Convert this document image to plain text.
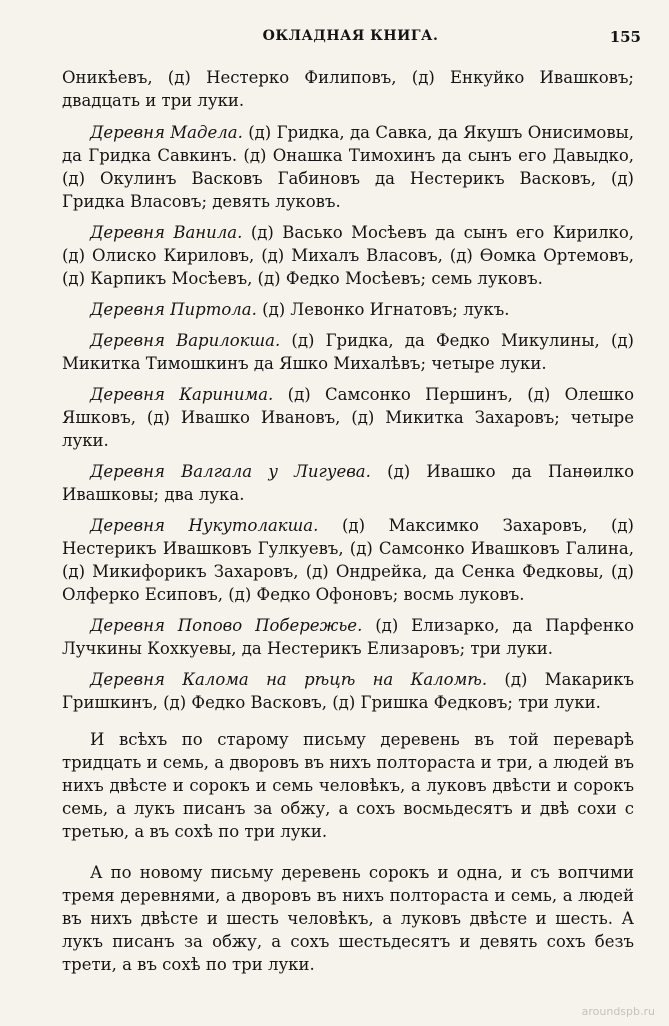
ОКЛАДНАЯ КНИГА.	155

Оникѣевъ, (д) Нестерко Филиповъ, (д) Енкуйко Ивашковъ; двадцать и три луки.

Деревня Мадела. (д) Гридка, да Савка, да Якушъ Онисимовы, да Гридка Савкинъ. (д) Онашка Тимохинъ да сынъ его Давыдко, (д) Окулинъ Васковъ Габиновъ да Нестерикъ Васковъ, (д) Гридка Власовъ; девять луковъ.

Деревня Ванила. (д) Васько Мосѣевъ да сынъ его Кирилко, (д) Олиско Кириловъ, (д) Михалъ Власовъ, (д) Ѳомка Ортемовъ, (д) Карпикъ Мосѣевъ, (д) Федко Мосѣевъ; семь луковъ.

Деревня Пиртола. (д) Левонко Игнатовъ; лукъ.

Деревня Варилокша. (д) Гридка, да Федко Микулины, (д) Микитка Тимошкинъ да Яшко Михалѣвъ; четыре луки.

Деревня Каринима. (д) Самсонко Першинъ, (д) Олешко Яшковъ, (д) Ивашко Ивановъ, (д) Микитка Захаровъ; четыре луки.

Деревня Валгала у Лигуева. (д) Ивашко да Панѳилко Ивашковы; два лука.

Деревня Нукутолакша. (д) Максимко Захаровъ, (д) Нестерикъ Ивашковъ Гулкуевъ, (д) Самсонко Ивашковъ Галина, (д) Микифорикъ Захаровъ, (д) Ондрейка, да Сенка Федковы, (д) Олферко Есиповъ, (д) Федко Офоновъ; восмь луковъ.

Деревня Попово Побережье. (д) Елизарко, да Парфенко Лучкины Кохкуевы, да Нестерикъ Елизаровъ; три луки.

Деревня Калома на рѣцѣ на Каломѣ. (д) Макарикъ Гришкинъ, (д) Федко Васковъ, (д) Гришка Федковъ; три луки.

И всѣхъ по старому письму деревень въ той переварѣ тридцать и семь, а дворовъ въ нихъ полтораста и три, а людей въ нихъ двѣсте и сорокъ и семь человѣкъ, а луковъ двѣсти и сорокъ семь, а лукъ писанъ за обжу, а сохъ восмьдесятъ и двѣ сохи с третью, а въ сохѣ по три луки.

А по новому письму деревень сорокъ и одна, и съ вопчими тремя деревнями, а дворовъ въ нихъ полтораста и семь, а людей въ нихъ двѣсте и шесть человѣкъ, а луковъ двѣсте и шесть. А лукъ писанъ за обжу, а сохъ шестьдесятъ и девять сохъ безъ трети, а въ сохѣ по три луки.

aroundspb.ru
